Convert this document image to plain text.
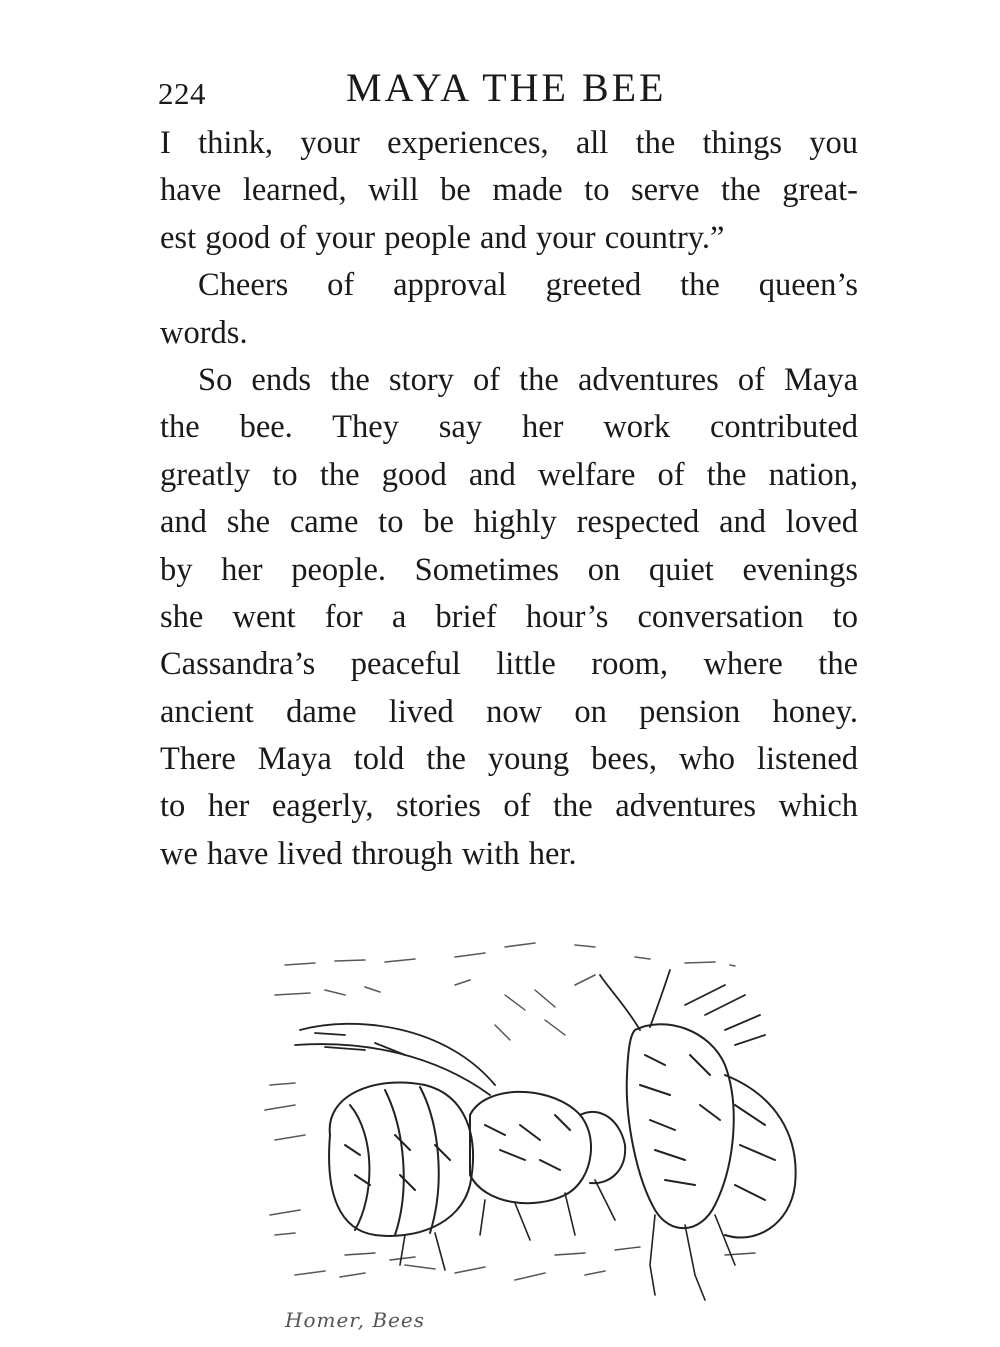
224	MAYA THE BEE

I think, your experiences, all the things you
have learned, will be made to serve the great-
est good of your people and your country.”

Cheers of approval greeted the queen’s
words.

So ends the story of the adventures of Maya
the bee. They say her work contributed
greatly to the good and welfare of the nation,
and she came to be highly respected and loved
by her people. Sometimes on quiet evenings
she went for a brief hour’s conversation to
Cassandra’s peaceful little room, where the
ancient dame lived now on pension honey.
There Maya told the young bees, who listened
to her eagerly, stories of the adventures which
we have lived through with her.

Homer, Bees
